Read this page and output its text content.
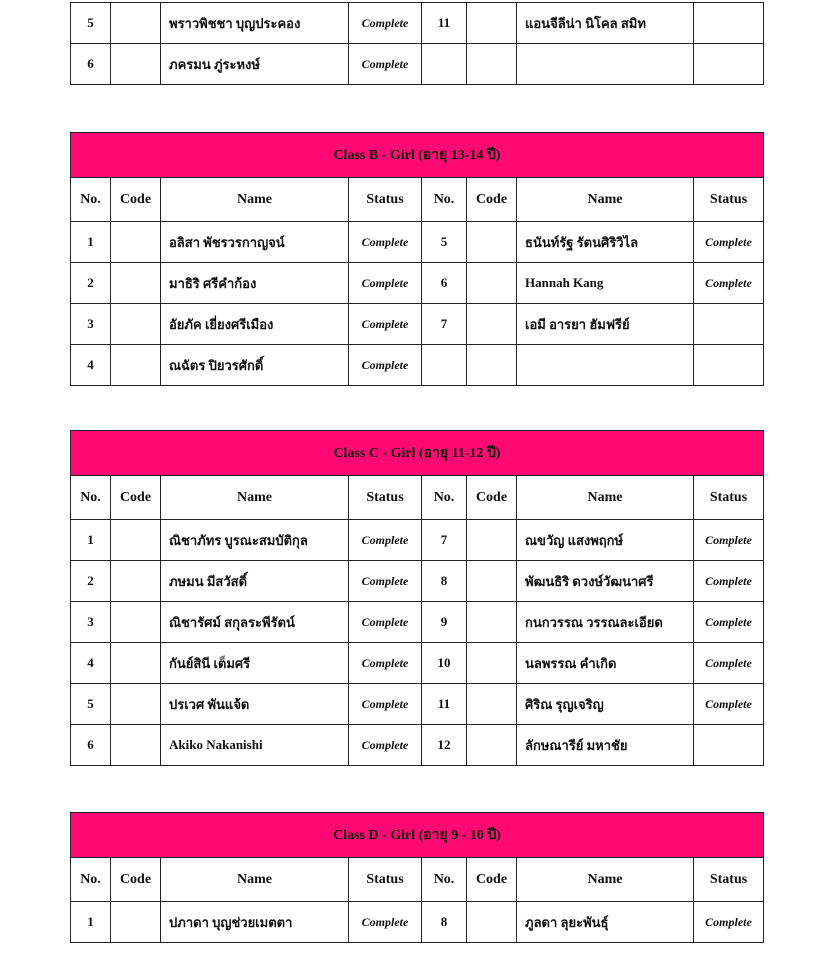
5		พราวพิชชา บุญประคอง	Complete	11		แอนจีลีน่า นิโคล สมิท	
6		ภครมน ภู่ระหงษ์	Complete				
Class B - Girl (อายุ 13-14 ปี)							
No.	Code	Name	Status	No.	Code	Name	Status
1		อลิสา พัชรวรกาญจน์	Complete	5		ธนันท์รัฐ รัตนศิริวิไล	Complete
2		มาธิริ ศรีคำก้อง	Complete	6		Hannah Kang	Complete
3		อัยภัค เยี่ยงศรีเมือง	Complete	7		เอมี อารยา ฮัมฟรีย์	
4		ณฉัตร ปิยวรศักดิ์	Complete				
Class C - Girl (อายุ 11-12 ปี)							
No.	Code	Name	Status	No.	Code	Name	Status
1		ณิชาภัทร บูรณะสมบัติกุล	Complete	7		ณขวัญ แสงพฤกษ์	Complete
2		ภษมน มีสวัสดิ์	Complete	8		พัฒนธิริ ดวงษ์วัฒนาศรี	Complete
3		ณิชารัศม์ สกุลระพีรัตน์	Complete	9		กนกวรรณ วรรณละเอียด	Complete
4		กันย์สินี เต็มศรี	Complete	10		นลพรรณ คำเกิด	Complete
5		ปรเวศ พันแจ้ด	Complete	11		ศิริณ รุญเจริญ	Complete
6		Akiko Nakanishi	Complete	12		ลักษณารีย์ มหาชัย	
Class D - Girl (อายุ 9 - 10 ปี)							
No.	Code	Name	Status	No.	Code	Name	Status
1		ปภาดา บุญช่วยเมตตา	Complete	8		ภูลดา ลุยะพันธุ์	Complete
